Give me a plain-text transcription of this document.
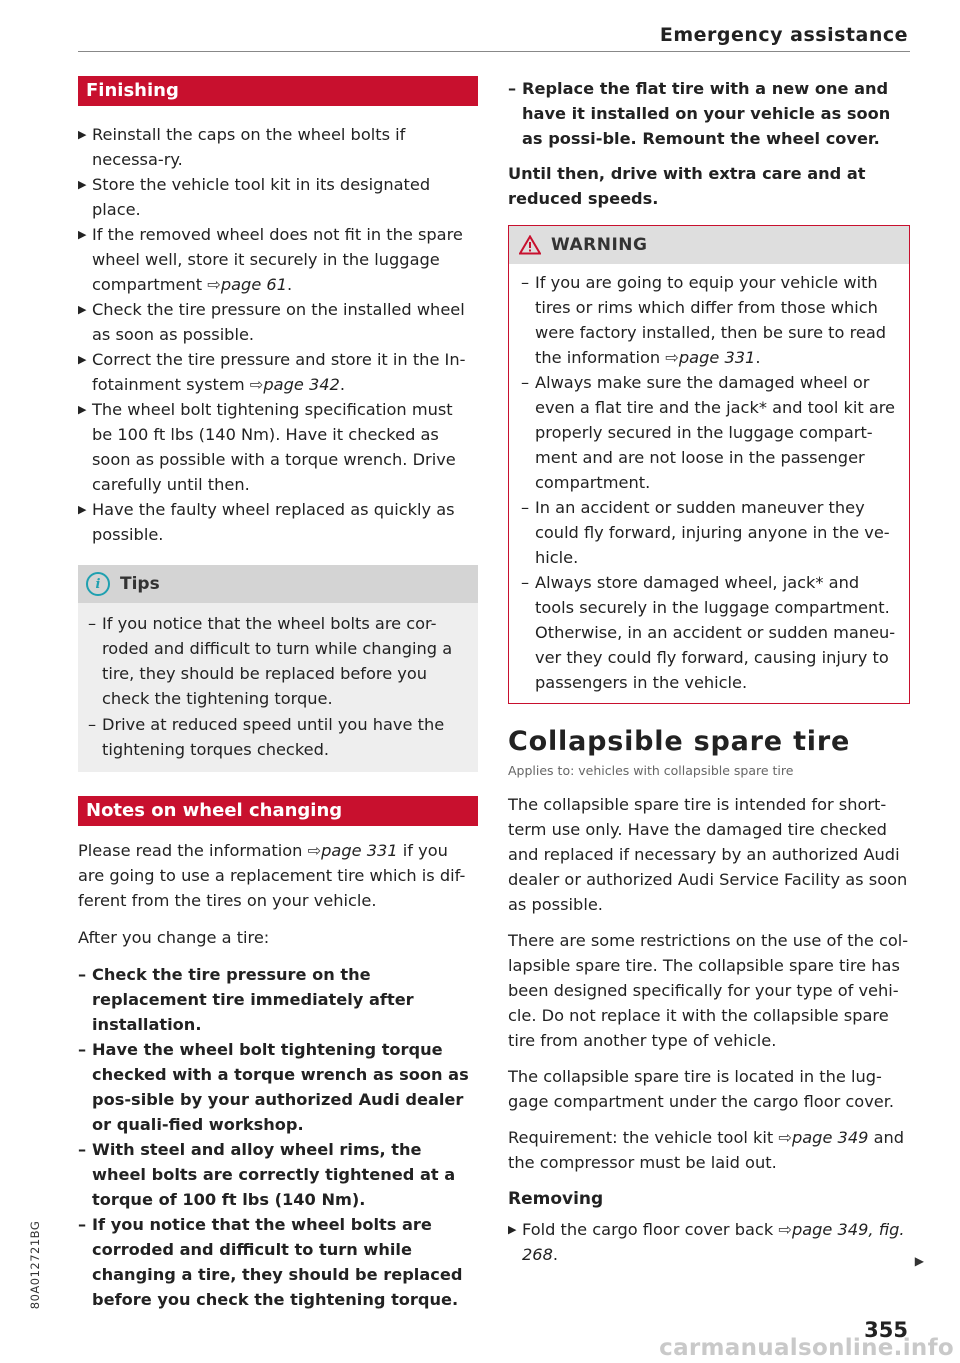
Emergency assistance
Finishing
▶ Reinstall the caps on the wheel bolts if necessa-ry.
▶ Store the vehicle tool kit in its designated place.
▶ If the removed wheel does not fit in the spare wheel well, store it securely in the luggage compartment ⇨page 61.
▶ Check the tire pressure on the installed wheel as soon as possible.
▶ Correct the tire pressure and store it in the In-fotainment system ⇨page 342.
▶ The wheel bolt tightening specification must be 100 ft lbs (140 Nm). Have it checked as soon as possible with a torque wrench. Drive carefully until then.
▶ Have the faulty wheel replaced as quickly as possible.
i	Tips
– If you notice that the wheel bolts are cor-roded and difficult to turn while changing a tire, they should be replaced before you check the tightening torque.
– Drive at reduced speed until you have the tightening torques checked.
Notes on wheel changing

Please read the information ⇨page 331 if you are going to use a replacement tire which is dif-ferent from the tires on your vehicle.

After you change a tire:

– Check the tire pressure on the replacement tire immediately after installation.
– Have the wheel bolt tightening torque checked with a torque wrench as soon as pos-sible by your authorized Audi dealer or quali-fied workshop.
– With steel and alloy wheel rims, the wheel bolts are correctly tightened at a torque of 100 ft lbs (140 Nm).
– If you notice that the wheel bolts are corroded and difficult to turn while changing a tire, they should be replaced before you check the tightening torque.
– Replace the flat tire with a new one and have it installed on your vehicle as soon as possi-ble. Remount the wheel cover.

Until then, drive with extra care and at reduced speeds.

WARNING
– If you are going to equip your vehicle with tires or rims which differ from those which were factory installed, then be sure to read the information ⇨page 331.
– Always make sure the damaged wheel or even a flat tire and the jack* and tool kit are properly secured in the luggage compart-ment and are not loose in the passenger compartment.
– In an accident or sudden maneuver they could fly forward, injuring anyone in the ve-hicle.
– Always store damaged wheel, jack* and tools securely in the luggage compartment. Otherwise, in an accident or sudden maneu-ver they could fly forward, causing injury to passengers in the vehicle.
Collapsible spare tire
Applies to: vehicles with collapsible spare tire

The collapsible spare tire is intended for short-term use only. Have the damaged tire checked and replaced if necessary by an authorized Audi dealer or authorized Audi Service Facility as soon as possible.

There are some restrictions on the use of the col-lapsible spare tire. The collapsible spare tire has been designed specifically for your type of vehi-cle. Do not replace it with the collapsible spare tire from another type of vehicle.

The collapsible spare tire is located in the lug-gage compartment under the cargo floor cover.

Requirement: the vehicle tool kit ⇨page 349 and the compressor must be laid out.

Removing
▶ Fold the cargo floor cover back ⇨page 349, fig. 268.	▶
80A012721BG
355
carmanualsonline.info
